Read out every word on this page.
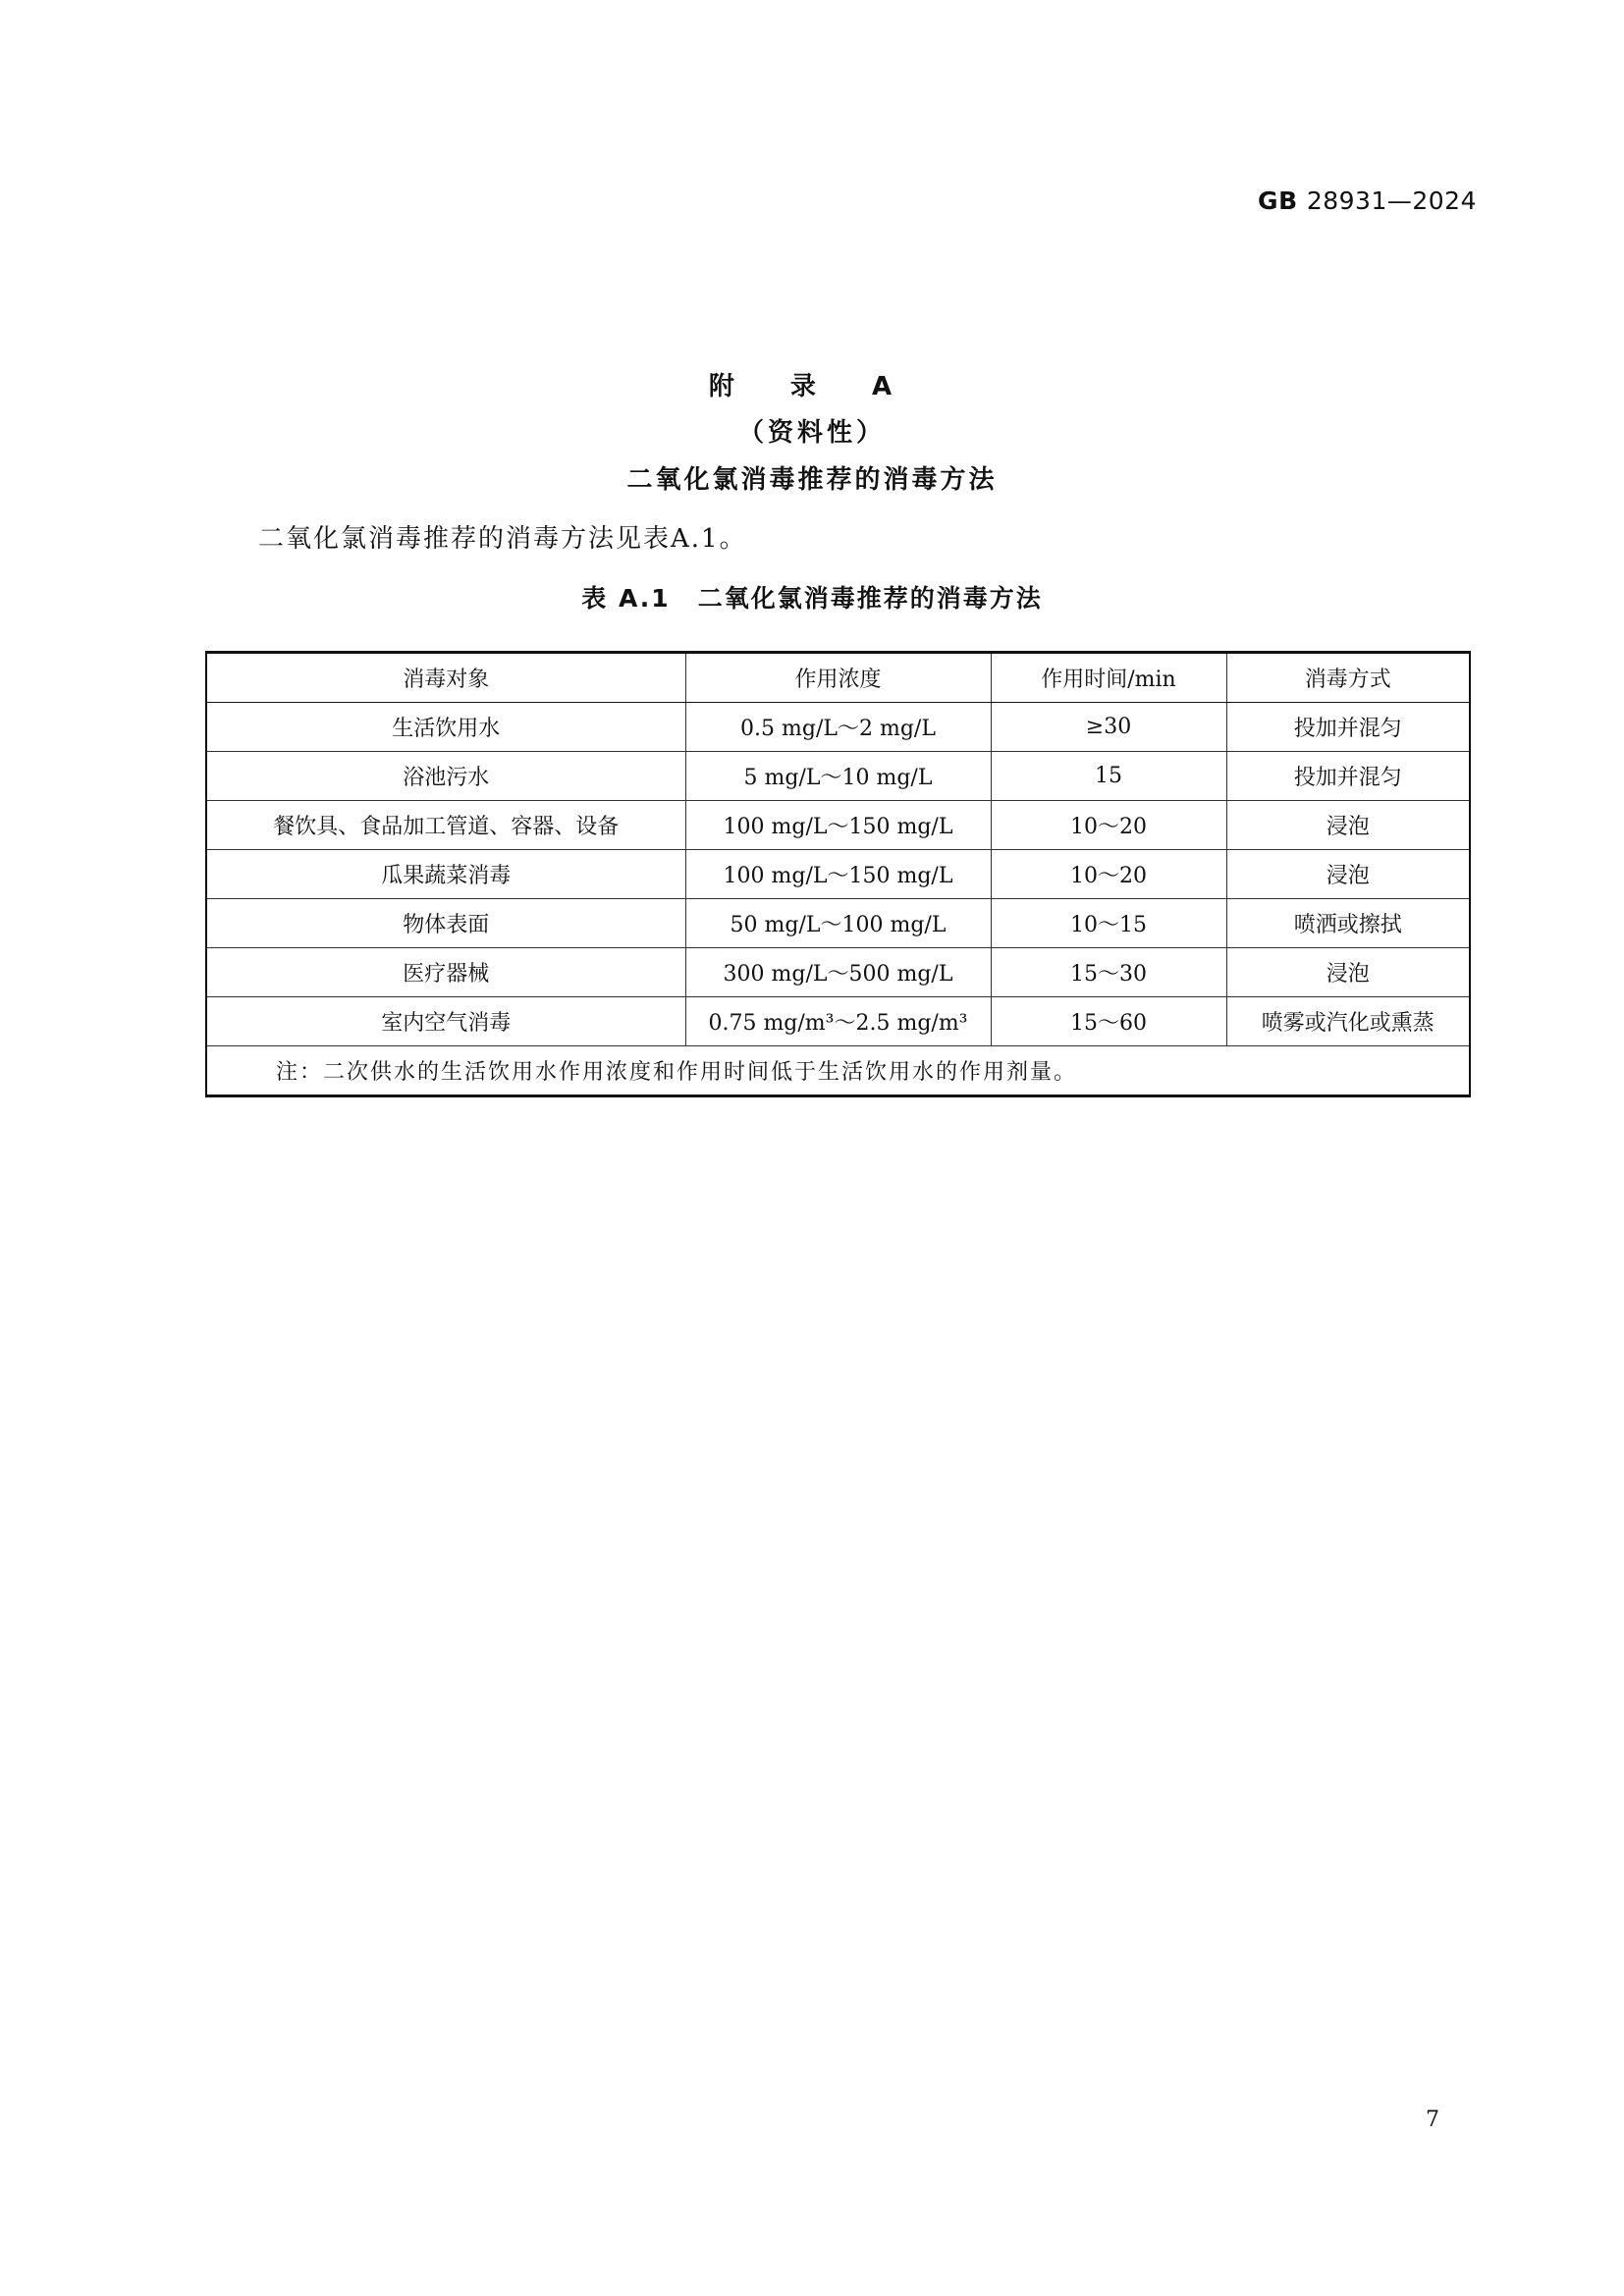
GB 28931—2024
附 录 A
（资料性）
二氧化氯消毒推荐的消毒方法
二氧化氯消毒推荐的消毒方法见表A.1。
表 A.1 二氧化氯消毒推荐的消毒方法
消毒对象	作用浓度	作用时间/min	消毒方式
生活饮用水	0.5 mg/L～2 mg/L	≥30	投加并混匀
浴池污水	5 mg/L～10 mg/L	15	投加并混匀
餐饮具、食品加工管道、容器、设备	100 mg/L～150 mg/L	10～20	浸泡
瓜果蔬菜消毒	100 mg/L～150 mg/L	10～20	浸泡
物体表面	50 mg/L～100 mg/L	10～15	喷洒或擦拭
医疗器械	300 mg/L～500 mg/L	15～30	浸泡
室内空气消毒	0.75 mg/m³～2.5 mg/m³	15～60	喷雾或汽化或熏蒸
注：二次供水的生活饮用水作用浓度和作用时间低于生活饮用水的作用剂量。			
7
